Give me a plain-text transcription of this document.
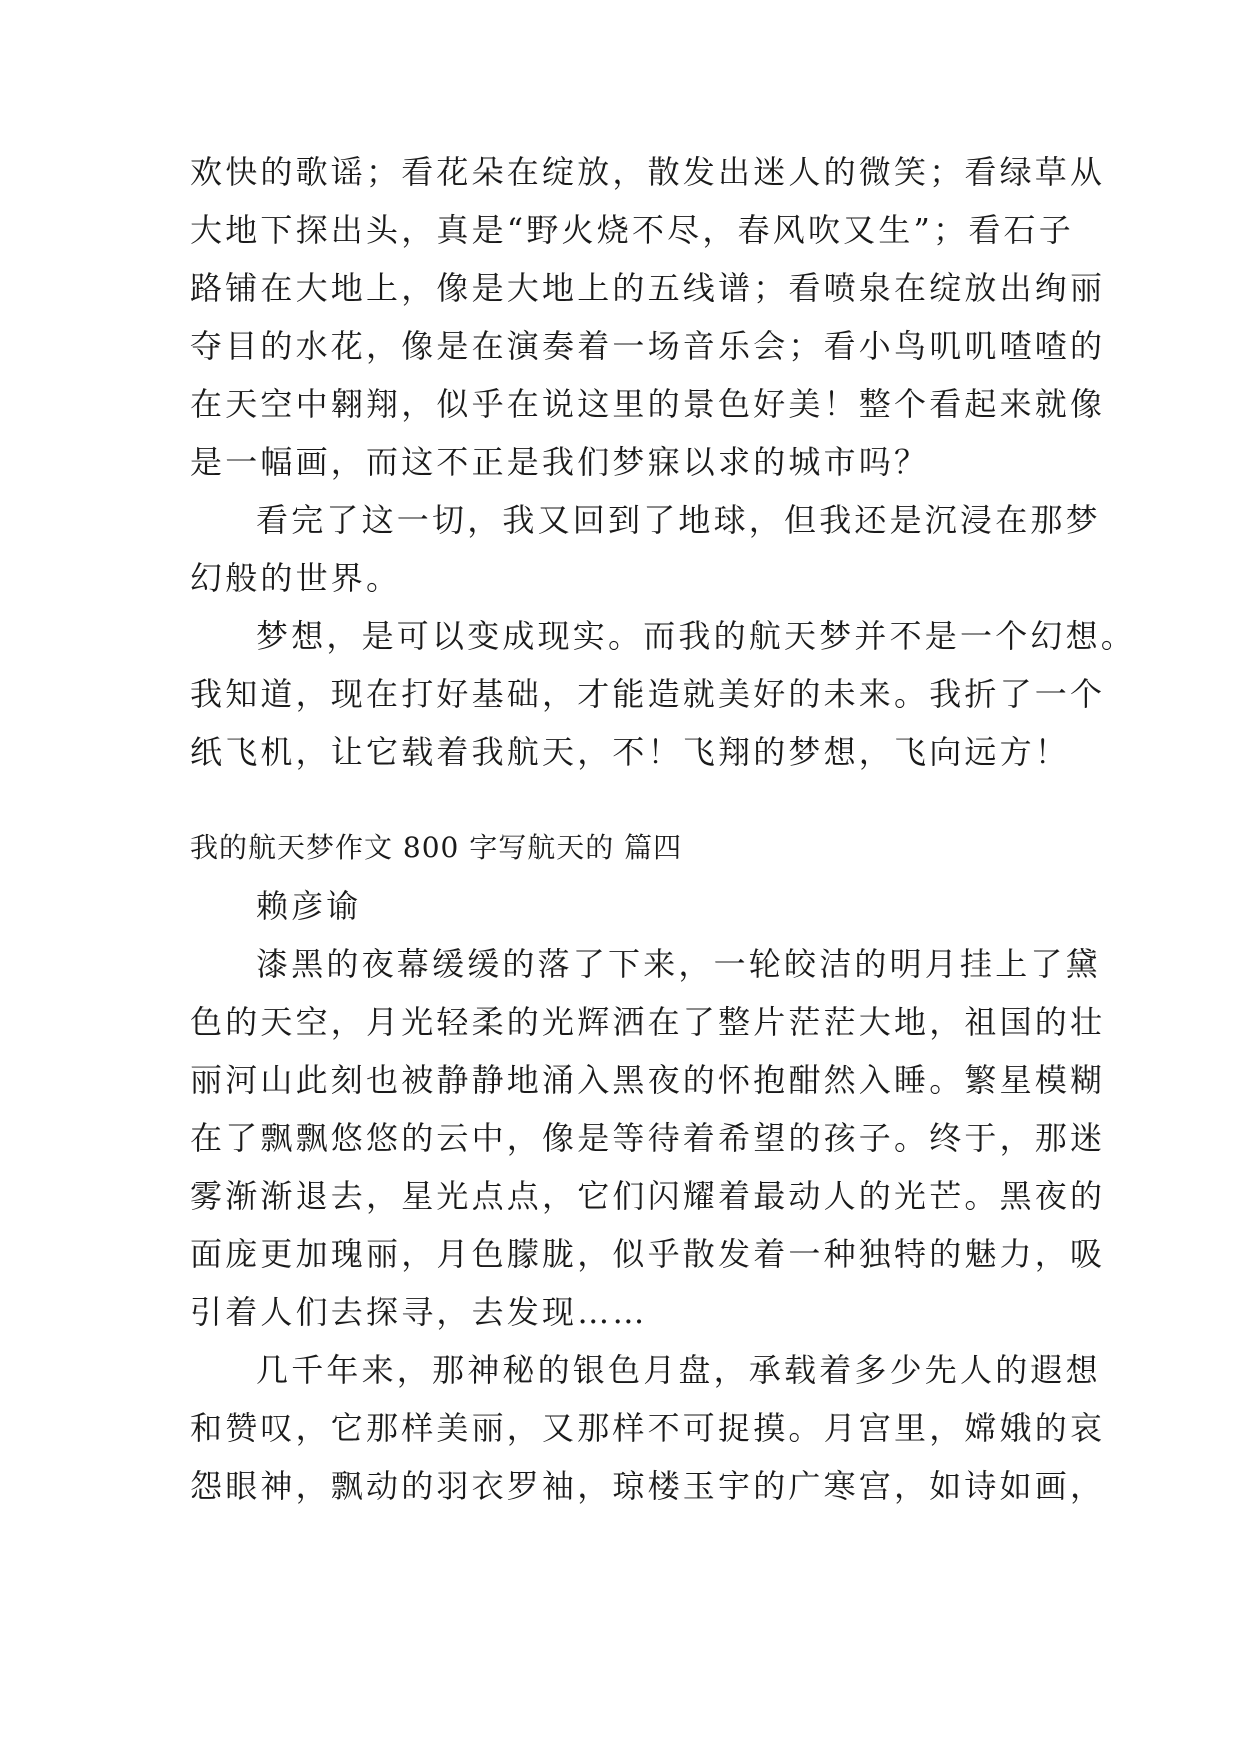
欢快的歌谣；看花朵在绽放，散发出迷人的微笑；看绿草从
大地下探出头，真是“野火烧不尽，春风吹又生”；看石子
路铺在大地上，像是大地上的五线谱；看喷泉在绽放出绚丽
夺目的水花，像是在演奏着一场音乐会；看小鸟叽叽喳喳的
在天空中翱翔，似乎在说这里的景色好美！整个看起来就像
是一幅画，而这不正是我们梦寐以求的城市吗？
看完了这一切，我又回到了地球，但我还是沉浸在那梦
幻般的世界。
梦想，是可以变成现实。而我的航天梦并不是一个幻想。
我知道，现在打好基础，才能造就美好的未来。我折了一个
纸飞机，让它载着我航天，不！飞翔的梦想，飞向远方！
我的航天梦作文 800 字写航天的 篇四
赖彦谕
漆黑的夜幕缓缓的落了下来，一轮皎洁的明月挂上了黛
色的天空，月光轻柔的光辉洒在了整片茫茫大地，祖国的壮
丽河山此刻也被静静地涌入黑夜的怀抱酣然入睡。繁星模糊
在了飘飘悠悠的云中，像是等待着希望的孩子。终于，那迷
雾渐渐退去，星光点点，它们闪耀着最动人的光芒。黑夜的
面庞更加瑰丽，月色朦胧，似乎散发着一种独特的魅力，吸
引着人们去探寻，去发现……
几千年来，那神秘的银色月盘，承载着多少先人的遐想
和赞叹，它那样美丽，又那样不可捉摸。月宫里，嫦娥的哀
怨眼神，飘动的羽衣罗袖，琼楼玉宇的广寒宫，如诗如画，
